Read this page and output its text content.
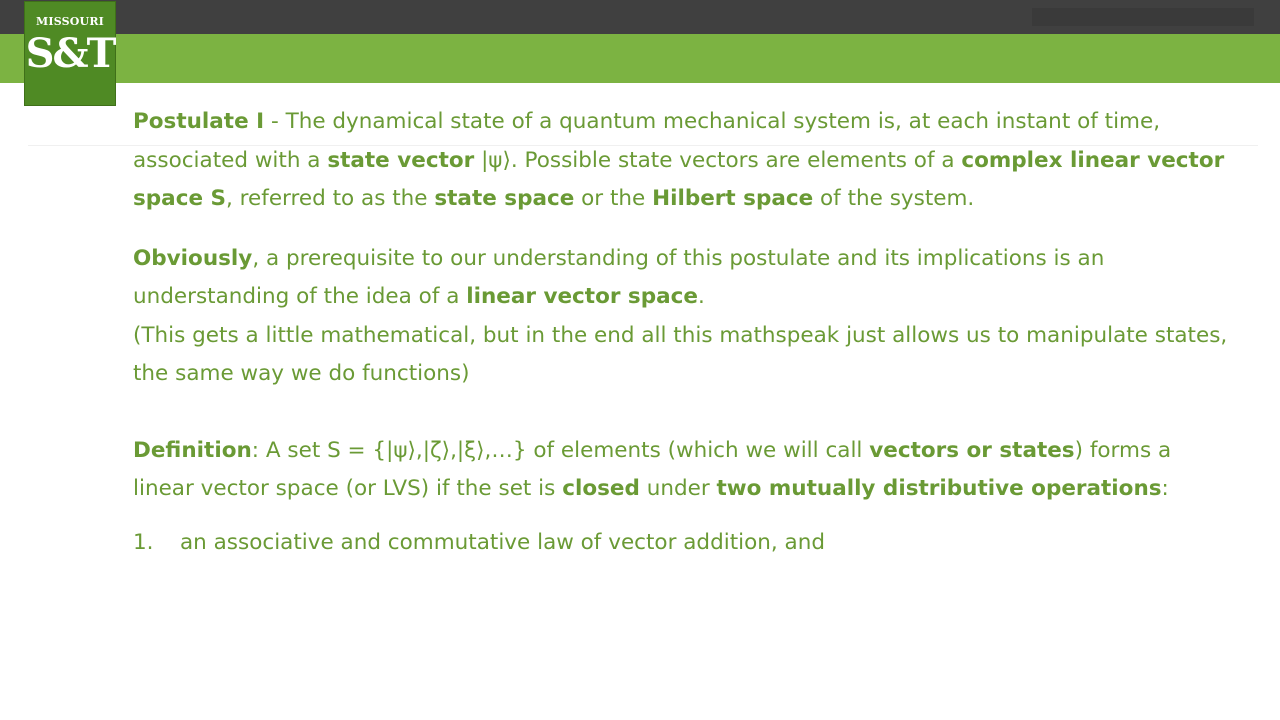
MISSOURI
S&T

Postulate I - The dynamical state of a quantum mechanical system is, at each instant of time, associated with a state vector |ψ⟩. Possible state vectors are elements of a complex linear vector space S, referred to as the state space or the Hilbert space of the system.

Obviously, a prerequisite to our understanding of this postulate and its implications is an understanding of the idea of a linear vector space.

(This gets a little mathematical, but in the end all this mathspeak just allows us to manipulate states, the same way we do functions)

Definition: A set S = {|ψ⟩,|ζ⟩,|ξ⟩,…} of elements (which we will call vectors or states) forms a linear vector space (or LVS) if the set is closed under two mutually distributive operations:

1.	an associative and commutative law of vector addition, and
